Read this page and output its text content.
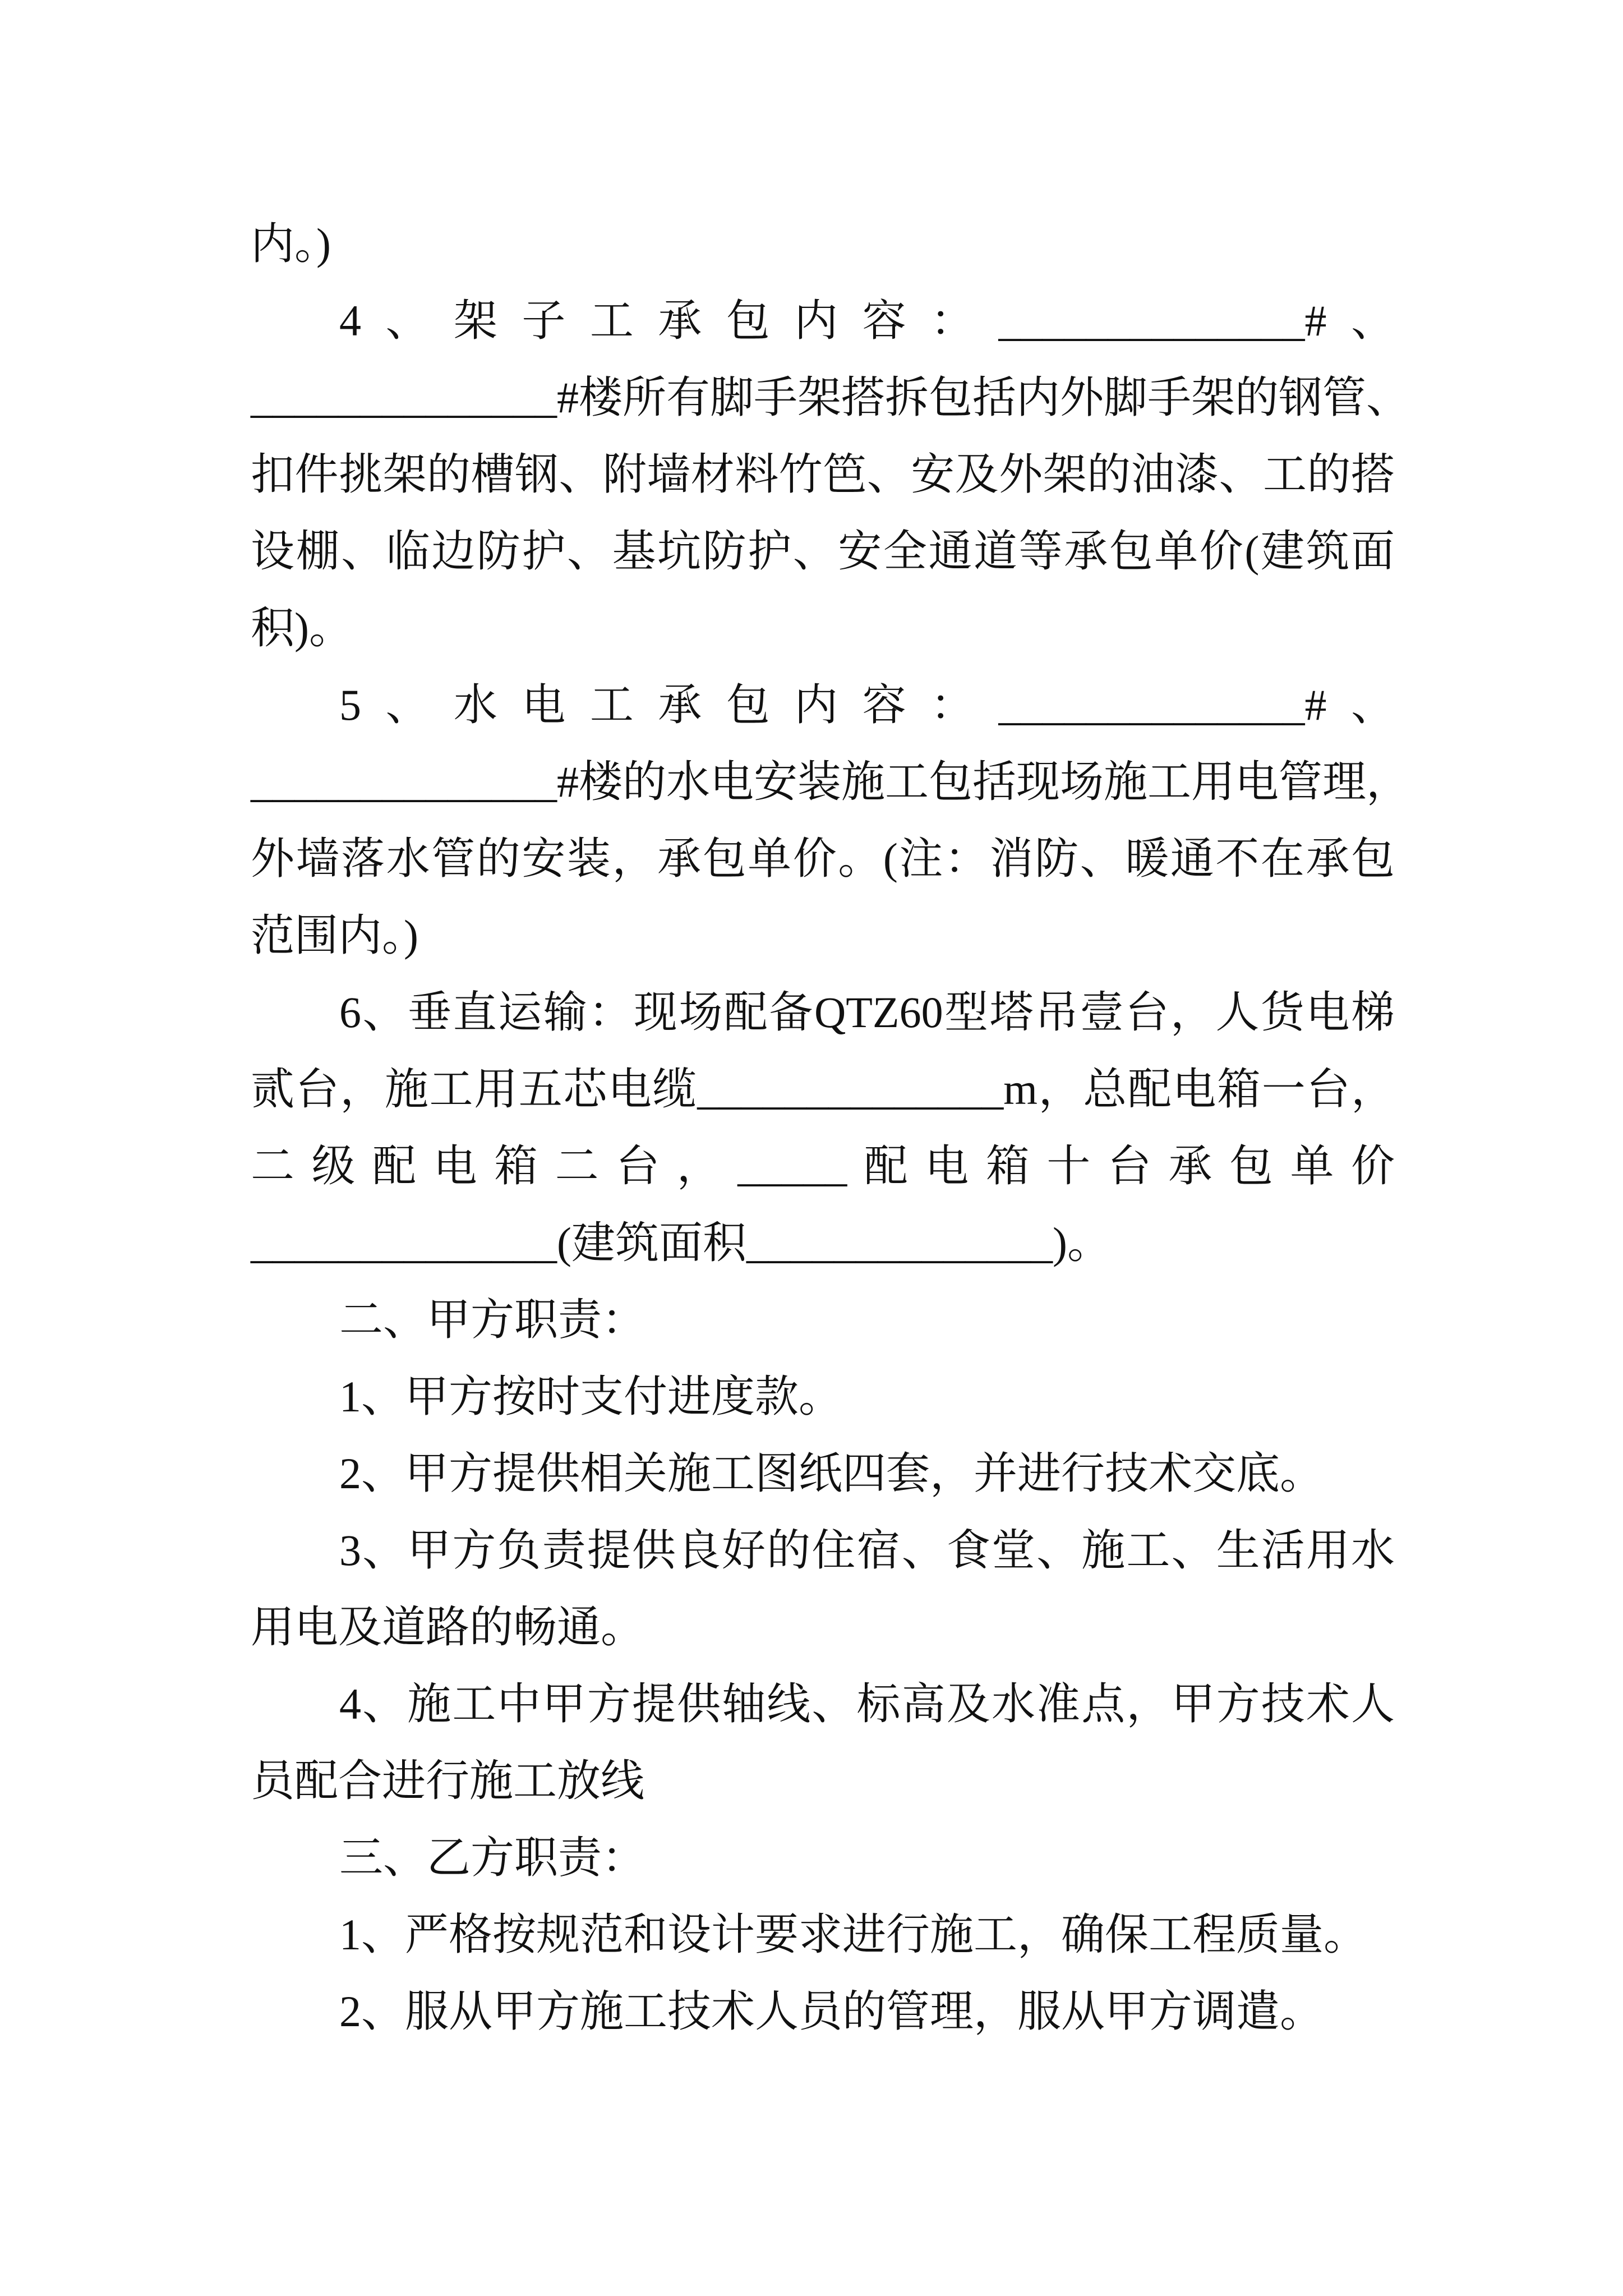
内。)
4、架子工承包内容：______________#、
______________#楼所有脚手架搭拆包括内外脚手架的钢管、
扣件挑架的槽钢、附墙材料竹笆、安及外架的油漆、工的搭
设棚、临边防护、基坑防护、安全通道等承包单价(建筑面
积)。
5、水电工承包内容：______________#、
______________#楼的水电安装施工包括现场施工用电管理，
外墙落水管的安装，承包单价。(注：消防、暖通不在承包
范围内。)
6、垂直运输：现场配备QTZ60型塔吊壹台，人货电梯
贰台，施工用五芯电缆______________m，总配电箱一台，
二级配电箱二台，_____配电箱十台承包单价
______________(建筑面积______________)。
二、甲方职责：
1、甲方按时支付进度款。
2、甲方提供相关施工图纸四套，并进行技术交底。
3、甲方负责提供良好的住宿、食堂、施工、生活用水
用电及道路的畅通。
4、施工中甲方提供轴线、标高及水准点，甲方技术人
员配合进行施工放线
三、乙方职责：
1、严格按规范和设计要求进行施工，确保工程质量。
2、服从甲方施工技术人员的管理，服从甲方调遣。
